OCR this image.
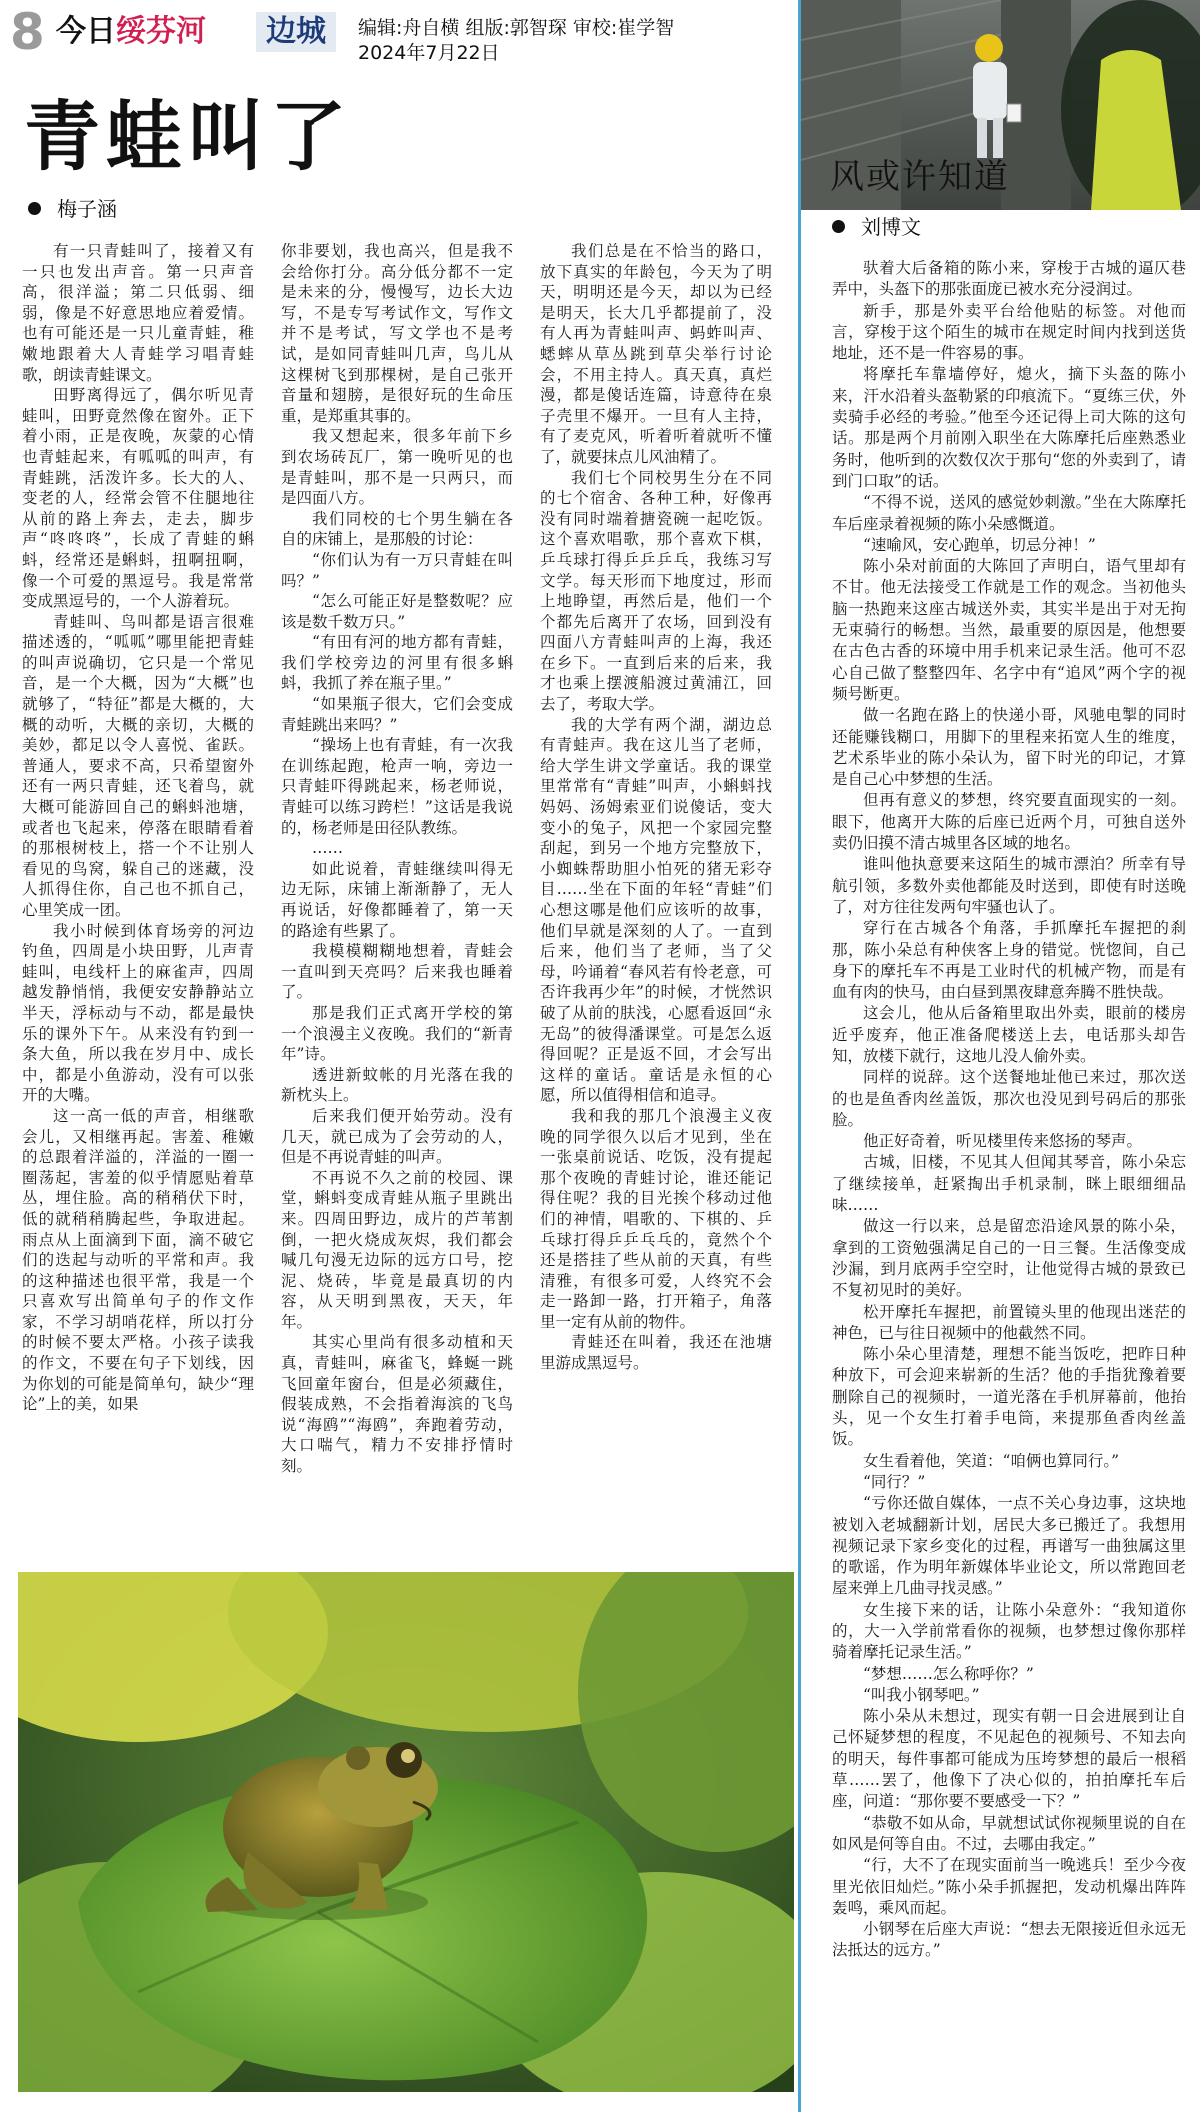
8 今日绥芬河	边城	编辑:舟自横 组版:郭智琛 审校:崔学智
2024年7月22日
青蛙叫了
梅子涵

有一只青蛙叫了，接着又有一只也发出声音。第一只声音高，很洋溢；第二只低弱、细弱，像是不好意思地应着爱情。也有可能还是一只儿童青蛙，稚嫩地跟着大人青蛙学习唱青蛙歌，朗读青蛙课文。

田野离得远了，偶尔听见青蛙叫，田野竟然像在窗外。正下着小雨，正是夜晚，灰蒙的心情也青蛙起来，有呱呱的叫声，有青蛙跳，活泼许多。长大的人、变老的人，经常会管不住腿地往从前的路上奔去，走去，脚步声“咚咚咚”，长成了青蛙的蝌蚪，经常还是蝌蚪，扭啊扭啊，像一个可爱的黑逗号。我是常常变成黑逗号的，一个人游着玩。

青蛙叫、鸟叫都是语言很难描述透的，“呱呱”哪里能把青蛙的叫声说确切，它只是一个常见音，是一个大概，因为“大概”也就够了，“特征”都是大概的，大概的动听，大概的亲切，大概的美妙，都足以令人喜悦、雀跃。普通人，要求不高，只希望窗外还有一两只青蛙，还飞着鸟，就大概可能游回自己的蝌蚪池塘，或者也飞起来，停落在眼睛看着的那根树枝上，搭一个不让别人看见的鸟窝，躲自己的迷藏，没人抓得住你，自己也不抓自己，心里笑成一团。

我小时候到体育场旁的河边钓鱼，四周是小块田野，儿声青蛙叫，电线杆上的麻雀声，四周越发静悄悄，我便安安静静站立半天，浮标动与不动，都是最快乐的课外下午。从来没有钓到一条大鱼，所以我在岁月中、成长中，都是小鱼游动，没有可以张开的大嘴。

这一高一低的声音，相继歌会儿，又相继再起。害羞、稚嫩的总跟着洋溢的，洋溢的一圈一圈荡起，害羞的似乎情愿贴着草丛，埋住脸。高的稍稍伏下时，低的就稍稍腾起些，争取进起。雨点从上面滴到下面，滴不破它们的迭起与动听的平常和声。我的这种描述也很平常，我是一个只喜欢写出简单句子的作文作家，不学习胡哨花样，所以打分的时候不要太严格。小孩子读我的作文，不要在句子下划线，因为你划的可能是简单句，缺少“理论”上的美，如果

你非要划，我也高兴，但是我不会给你打分。高分低分都不一定是未来的分，慢慢写，边长大边写，不是专写考试作文，写作文并不是考试，写文学也不是考试，是如同青蛙叫几声，鸟儿从这棵树飞到那棵树，是自己张开音量和翅膀，是很好玩的生命压重，是郑重其事的。

我又想起来，很多年前下乡到农场砖瓦厂，第一晚听见的也是青蛙叫，那不是一只两只，而是四面八方。

我们同校的七个男生躺在各自的床铺上，是那般的讨论：

“你们认为有一万只青蛙在叫吗？”

“怎么可能正好是整数呢？应该是数千数万只。”

“有田有河的地方都有青蛙，我们学校旁边的河里有很多蝌蚪，我抓了养在瓶子里。”

“如果瓶子很大，它们会变成青蛙跳出来吗？”

“操场上也有青蛙，有一次我在训练起跑，枪声一响，旁边一只青蛙吓得跳起来，杨老师说，青蛙可以练习跨栏！”这话是我说的，杨老师是田径队教练。

……

如此说着，青蛙继续叫得无边无际，床铺上渐渐静了，无人再说话，好像都睡着了，第一天的路途有些累了。

我模模糊糊地想着，青蛙会一直叫到天亮吗？后来我也睡着了。

那是我们正式离开学校的第一个浪漫主义夜晚。我们的“新青年”诗。

透进新蚊帐的月光落在我的新枕头上。

后来我们便开始劳动。没有几天，就已成为了会劳动的人，但是不再说青蛙的叫声。

不再说不久之前的校园、课堂，蝌蚪变成青蛙从瓶子里跳出来。四周田野边，成片的芦苇割倒，一把火烧成灰烬，我们都会喊几句漫无边际的远方口号，挖泥、烧砖，毕竟是最真切的内容，从天明到黑夜，天天，年年。

其实心里尚有很多动植和天真，青蛙叫，麻雀飞，蜂蜒一跳飞回童年窗台，但是必须藏住，假装成熟，不会指着海滨的飞鸟说“海鸥”“海鸥”，奔跑着劳动，大口喘气，精力不安排抒情时刻。

我们总是在不恰当的路口，放下真实的年龄包，今天为了明天，明明还是今天，却以为已经是明天，长大几乎都提前了，没有人再为青蛙叫声、蚂蚱叫声、蟋蟀从草丛跳到草尖举行讨论会，不用主持人。真天真，真烂漫，都是傻话连篇，诗意待在泉子壳里不爆开。一旦有人主持，有了麦克风，听着听着就听不懂了，就要抹点儿风油精了。

我们七个同校男生分在不同的七个宿舍、各种工种，好像再没有同时端着搪瓷碗一起吃饭。这个喜欢唱歌，那个喜欢下棋，乒乓球打得乒乒乒乓，我练习写文学。每天形而下地度过，形而上地睁望，再然后是，他们一个个都先后离开了农场，回到没有四面八方青蛙叫声的上海，我还在乡下。一直到后来的后来，我才也乘上摆渡船渡过黄浦江，回去了，考取大学。

我的大学有两个湖，湖边总有青蛙声。我在这儿当了老师，给大学生讲文学童话。我的课堂里常常有“青蛙”叫声，小蝌蚪找妈妈、汤姆索亚们说傻话，变大变小的兔子，风把一个家园完整刮起，到另一个地方完整放下，小蜘蛛帮助胆小怕死的猪无彩夺目……坐在下面的年轻“青蛙”们心想这哪是他们应该听的故事，他们早就是深刻的人了。一直到后来，他们当了老师，当了父母，吟诵着“春风若有怜老意，可否许我再少年”的时候，才恍然识破了从前的肤浅，心愿看返回“永无岛”的彼得潘课堂。可是怎么返得回呢？正是返不回，才会写出这样的童话。童话是永恒的心愿，所以值得相信和追寻。

我和我的那几个浪漫主义夜晚的同学很久以后才见到，坐在一张桌前说话、吃饭，没有提起那个夜晚的青蛙讨论，谁还能记得住呢？我的目光挨个移动过他们的神情，唱歌的、下棋的、乒乓球打得乒乒乓乓的，竟然个个还是搭挂了些从前的天真，有些清雅，有很多可爱，人终究不会走一路卸一路，打开箱子，角落里一定有从前的物件。

青蛙还在叫着，我还在池塘里游成黑逗号。

风或许知道
刘博文

驮着大后备箱的陈小来，穿梭于古城的逼仄巷弄中，头盔下的那张面庞已被水充分浸润过。

新手，那是外卖平台给他贴的标签。对他而言，穿梭于这个陌生的城市在规定时间内找到送货地址，还不是一件容易的事。

将摩托车靠墙停好，熄火，摘下头盔的陈小来，汗水沿着头盔勒紧的印痕流下。“夏练三伏，外卖骑手必经的考验。”他至今还记得上司大陈的这句话。那是两个月前刚入职坐在大陈摩托后座熟悉业务时，他听到的次数仅次于那句“您的外卖到了，请到门口取”的话。

“不得不说，送风的感觉妙刺激。”坐在大陈摩托车后座录着视频的陈小朵感慨道。

“速喻风，安心跑单，切忌分神！”

陈小朵对前面的大陈回了声明白，语气里却有不甘。他无法接受工作就是工作的观念。当初他头脑一热跑来这座古城送外卖，其实半是出于对无拘无束骑行的畅想。当然，最重要的原因是，他想要在古色古香的环境中用手机来记录生活。他可不忍心自己做了整整四年、名字中有“追风”两个字的视频号断更。

做一名跑在路上的快递小哥，风驰电掣的同时还能赚钱糊口，用脚下的里程来拓宽人生的维度，艺术系毕业的陈小朵认为，留下时光的印记，才算是自己心中梦想的生活。

但再有意义的梦想，终究要直面现实的一刻。眼下，他离开大陈的后座已近两个月，可独自送外卖仍旧摸不清古城里各区域的地名。

谁叫他执意要来这陌生的城市漂泊？所幸有导航引领，多数外卖他都能及时送到，即使有时送晚了，对方往往发两句牢骚也认了。

穿行在古城各个角落，手抓摩托车握把的刹那，陈小朵总有种侠客上身的错觉。恍惚间，自己身下的摩托车不再是工业时代的机械产物，而是有血有肉的快马，由白昼到黑夜肆意奔腾不胜快哉。

这会儿，他从后备箱里取出外卖，眼前的楼房近乎废弃，他正准备爬楼送上去，电话那头却告知，放楼下就行，这地儿没人偷外卖。

同样的说辞。这个送餐地址他已来过，那次送的也是鱼香肉丝盖饭，那次也没见到号码后的那张脸。

他正好奇着，听见楼里传来悠扬的琴声。

古城，旧楼，不见其人但闻其琴音，陈小朵忘了继续接单，赶紧掏出手机录制，眯上眼细细品味……

做这一行以来，总是留恋沿途风景的陈小朵，拿到的工资勉强满足自己的一日三餐。生活像变成沙漏，到月底两手空空时，让他觉得古城的景致已不复初见时的美好。

松开摩托车握把，前置镜头里的他现出迷茫的神色，已与往日视频中的他截然不同。

陈小朵心里清楚，理想不能当饭吃，把昨日种种放下，可会迎来崭新的生活？他的手指犹豫着要删除自己的视频时，一道光落在手机屏幕前，他抬头，见一个女生打着手电筒，来提那鱼香肉丝盖饭。

女生看着他，笑道：“咱俩也算同行。”

“同行？”

“亏你还做自媒体，一点不关心身边事，这块地被划入老城翻新计划，居民大多已搬迁了。我想用视频记录下家乡变化的过程，再谱写一曲独属这里的歌谣，作为明年新媒体毕业论文，所以常跑回老屋来弹上几曲寻找灵感。”

女生接下来的话，让陈小朵意外：“我知道你的，大一入学前常看你的视频，也梦想过像你那样骑着摩托记录生活。”

“梦想……怎么称呼你？”

“叫我小钢琴吧。”

陈小朵从未想过，现实有朝一日会进展到让自己怀疑梦想的程度，不见起色的视频号、不知去向的明天，每件事都可能成为压垮梦想的最后一根稻草……罢了，他像下了决心似的，拍拍摩托车后座，问道：“那你要不要感受一下？”

“恭敬不如从命，早就想试试你视频里说的自在如风是何等自由。不过，去哪由我定。”

“行，大不了在现实面前当一晚逃兵！至少今夜里光依旧灿烂。”陈小朵手抓握把，发动机爆出阵阵轰鸣，乘风而起。

小钢琴在后座大声说：“想去无限接近但永远无法抵达的远方。”
